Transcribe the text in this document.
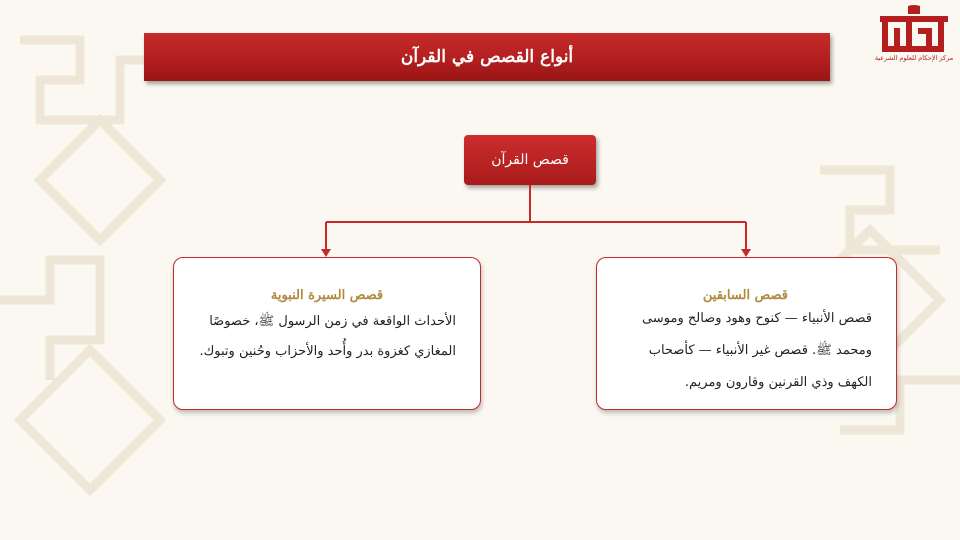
أنواع القصص في القرآن	مركز الإحكام للعلوم الشرعية
قصص القرآن
قصص السيرة النبوية
الأحداث الواقعة في زمن الرسول ﷺ، خصوصًا
المغازي كغزوة بدر وأُحد والأحزاب وحُنين وتبوك.
قصص السابقين
قصص الأنبياء — كنوح وهود وصالح وموسى
ومحمد ﷺ. قصص غير الأنبياء — كأصحاب
الكهف وذي القرنين وقارون ومريم.
